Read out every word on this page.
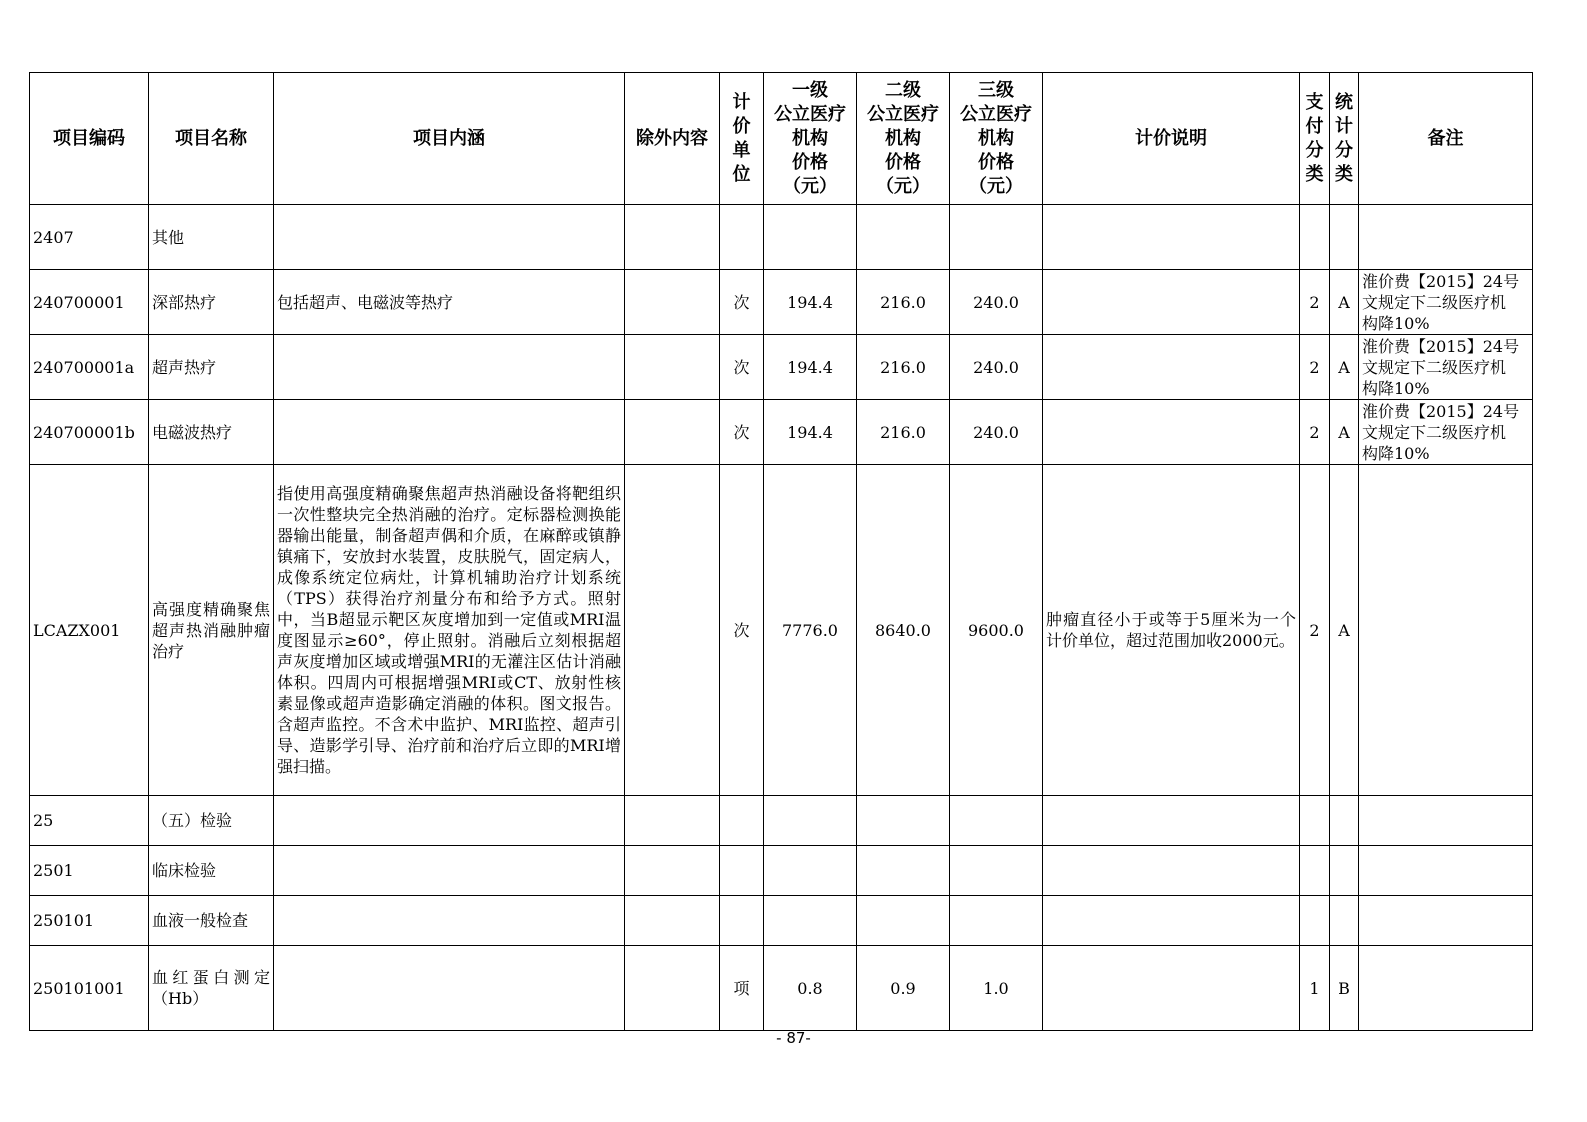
项目编码	项目名称	项目内涵	除外内容	计
价
单
位	一级
公立医疗
机构
价格
（元）	二级
公立医疗
机构
价格
（元）	三级
公立医疗
机构
价格
（元）	计价说明	支
付
分
类	统
计
分
类	备注
2407	其他										
240700001	深部热疗	包括超声、电磁波等热疗		次	194.4	216.0	240.0		2	A	淮价费【2015】24号
文规定下二级医疗机
构降10%
240700001a	超声热疗			次	194.4	216.0	240.0		2	A	淮价费【2015】24号
文规定下二级医疗机
构降10%
240700001b	电磁波热疗			次	194.4	216.0	240.0		2	A	淮价费【2015】24号
文规定下二级医疗机
构降10%
LCAZX001	高强度精确聚焦超声热消融肿瘤治疗	指使用高强度精确聚焦超声热消融设备将靶组织一次性整块完全热消融的治疗。定标器检测换能器输出能量，制备超声偶和介质，在麻醉或镇静镇痛下，安放封水装置，皮肤脱气，固定病人，成像系统定位病灶，计算机辅助治疗计划系统（TPS）获得治疗剂量分布和给予方式。照射中，当B超显示靶区灰度增加到一定值或MRI温度图显示≥60°，停止照射。消融后立刻根据超声灰度增加区域或增强MRI的无灌注区估计消融体积。四周内可根据增强MRI或CT、放射性核素显像或超声造影确定消融的体积。图文报告。含超声监控。不含术中监护、MRI监控、超声引导、造影学引导、治疗前和治疗后立即的MRI增强扫描。		次	7776.0	8640.0	9600.0	肿瘤直径小于或等于5厘米为一个计价单位，超过范围加收2000元。	2	A	
25	（五）检验										
2501	临床检验										
250101	血液一般检查										
250101001	血红蛋白测定（Hb）			项	0.8	0.9	1.0		1	B	
- 87-
